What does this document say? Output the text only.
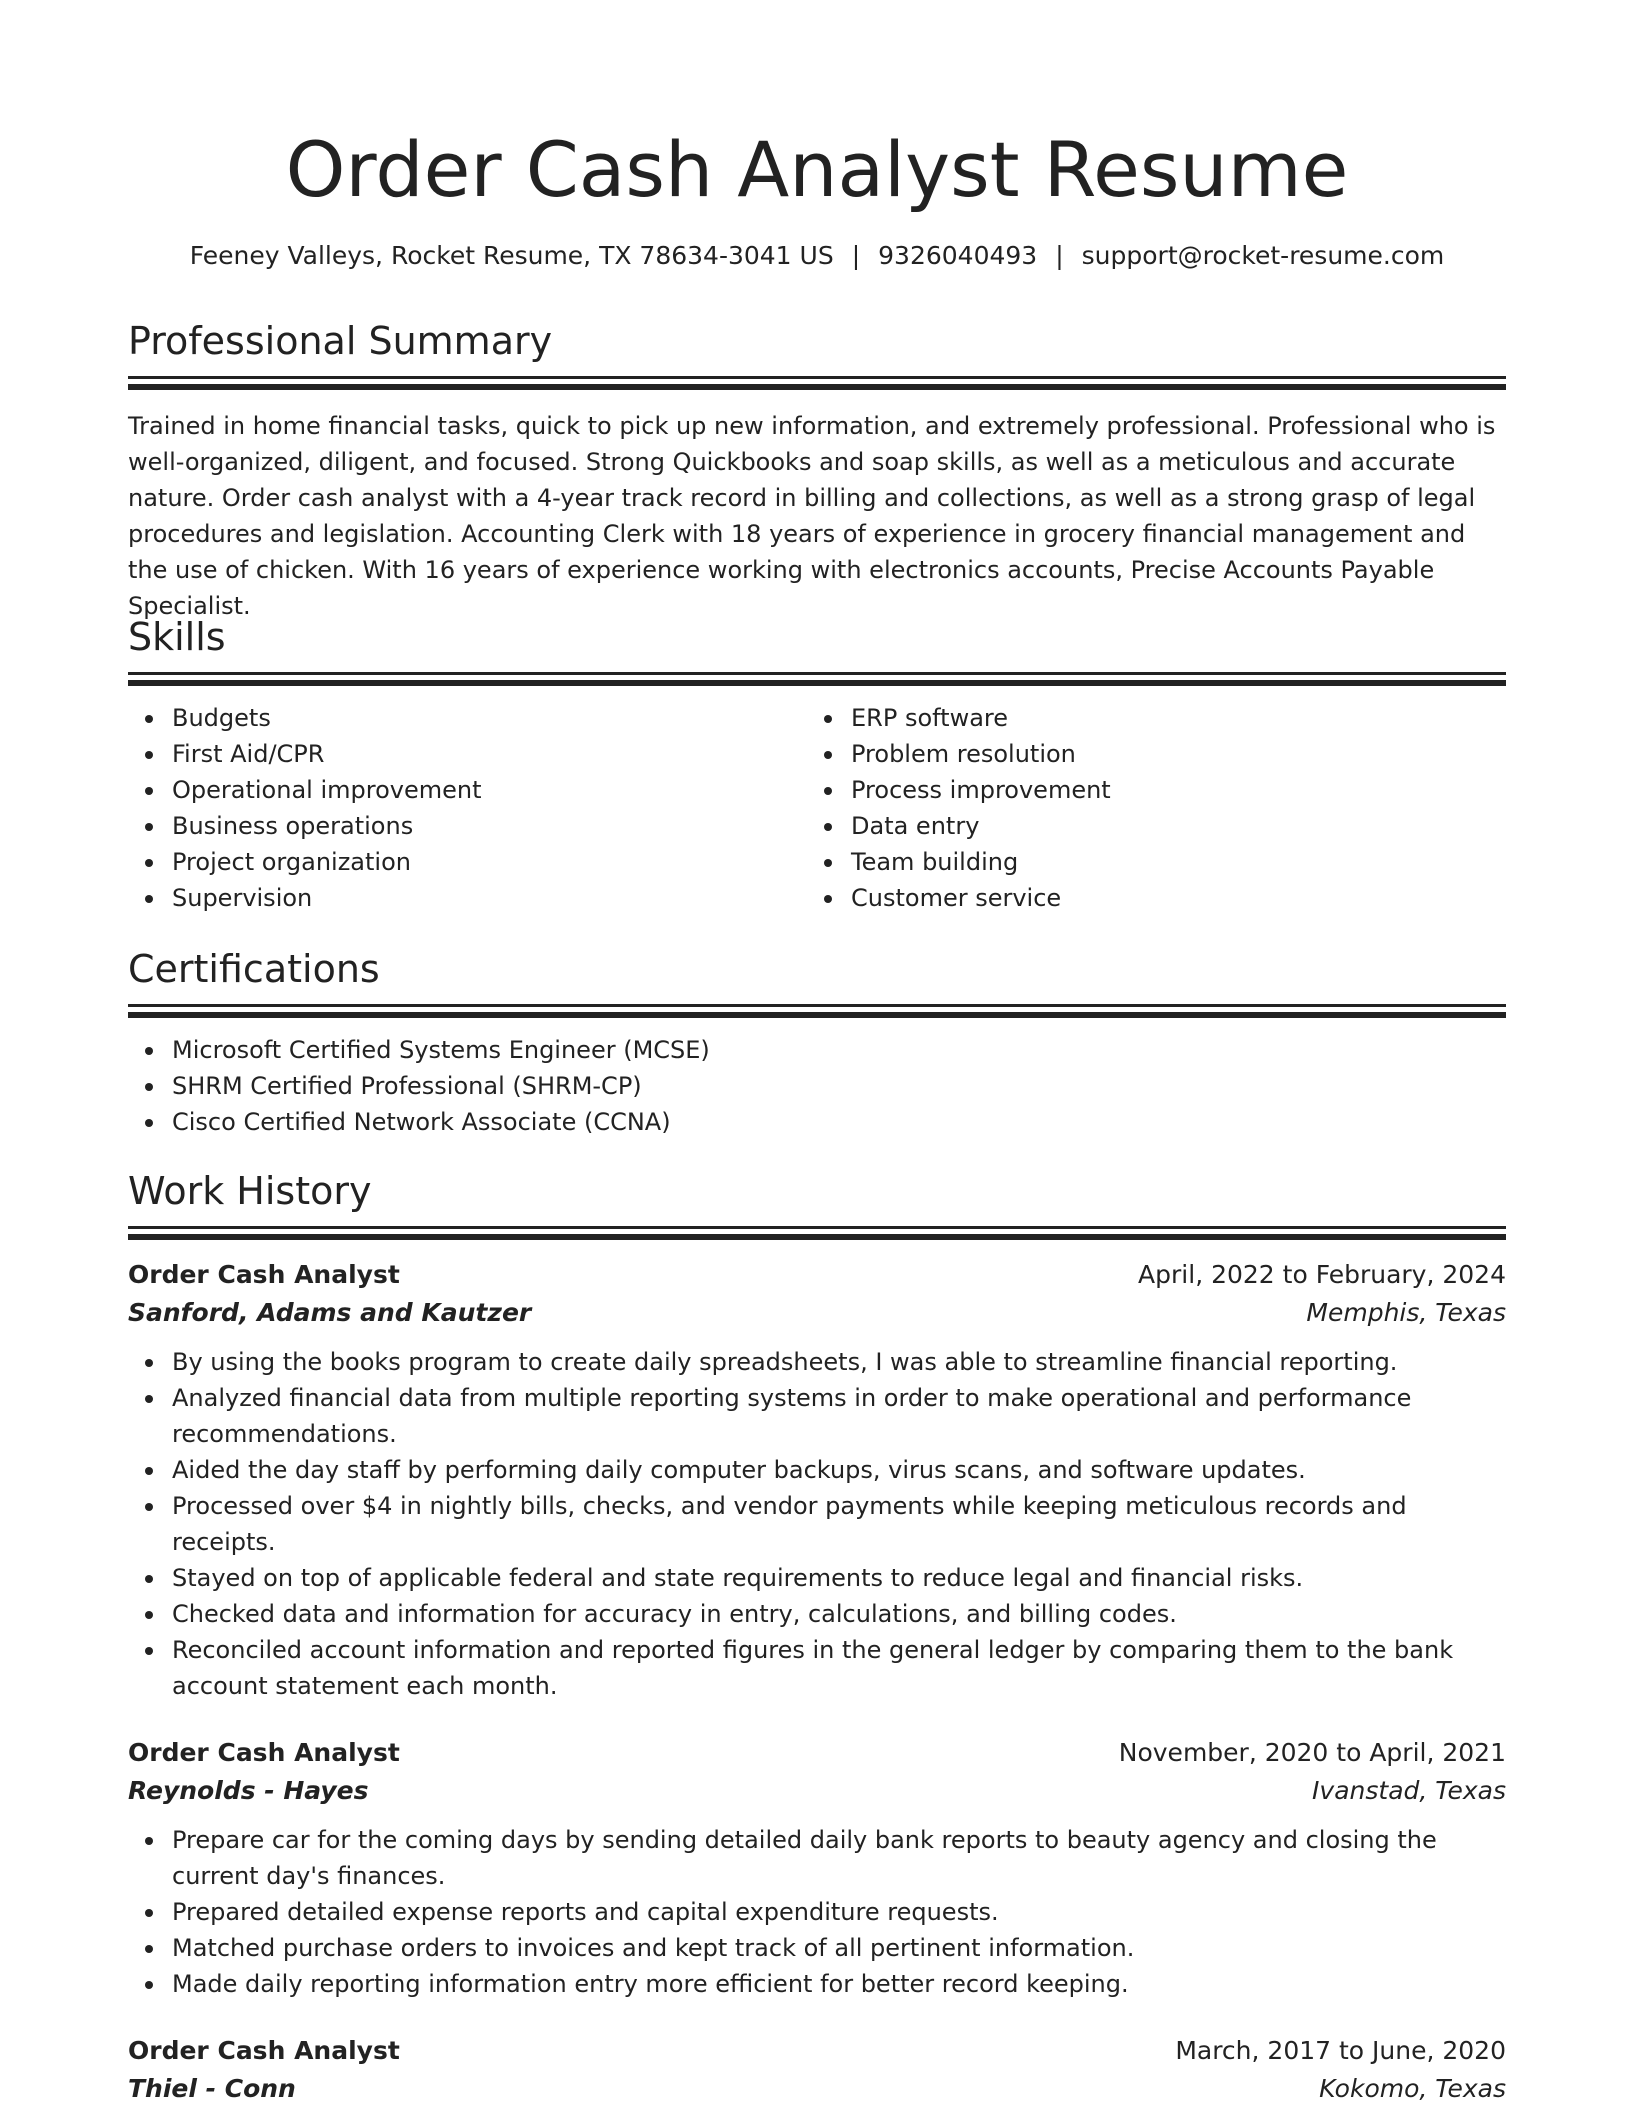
Order Cash Analyst Resume
Feeney Valleys, Rocket Resume, TX 78634-3041 US | 9326040493 | support@rocket-resume.com
Professional Summary

Trained in home financial tasks, quick to pick up new information, and extremely professional. Professional who is well-organized, diligent, and focused. Strong Quickbooks and soap skills, as well as a meticulous and accurate nature. Order cash analyst with a 4-year track record in billing and collections, as well as a strong grasp of legal procedures and legislation. Accounting Clerk with 18 years of experience in grocery financial management and the use of chicken. With 16 years of experience working with electronics accounts, Precise Accounts Payable Specialist.

Skills
Budgets
First Aid/CPR
Operational improvement
Business operations
Project organization
Supervision
ERP software
Problem resolution
Process improvement
Data entry
Team building
Customer service
Certifications
Microsoft Certified Systems Engineer (MCSE)
SHRM Certified Professional (SHRM-CP)
Cisco Certified Network Associate (CCNA)
Work History
Order Cash Analyst	April, 2022 to February, 2024
Sanford, Adams and Kautzer	Memphis, Texas
By using the books program to create daily spreadsheets, I was able to streamline financial reporting.
Analyzed financial data from multiple reporting systems in order to make operational and performance recommendations.
Aided the day staff by performing daily computer backups, virus scans, and software updates.
Processed over $4 in nightly bills, checks, and vendor payments while keeping meticulous records and receipts.
Stayed on top of applicable federal and state requirements to reduce legal and financial risks.
Checked data and information for accuracy in entry, calculations, and billing codes.
Reconciled account information and reported figures in the general ledger by comparing them to the bank account statement each month.
Order Cash Analyst	November, 2020 to April, 2021
Reynolds - Hayes	Ivanstad, Texas
Prepare car for the coming days by sending detailed daily bank reports to beauty agency and closing the current day's finances.
Prepared detailed expense reports and capital expenditure requests.
Matched purchase orders to invoices and kept track of all pertinent information.
Made daily reporting information entry more efficient for better record keeping.
Order Cash Analyst	March, 2017 to June, 2020
Thiel - Conn	Kokomo, Texas
